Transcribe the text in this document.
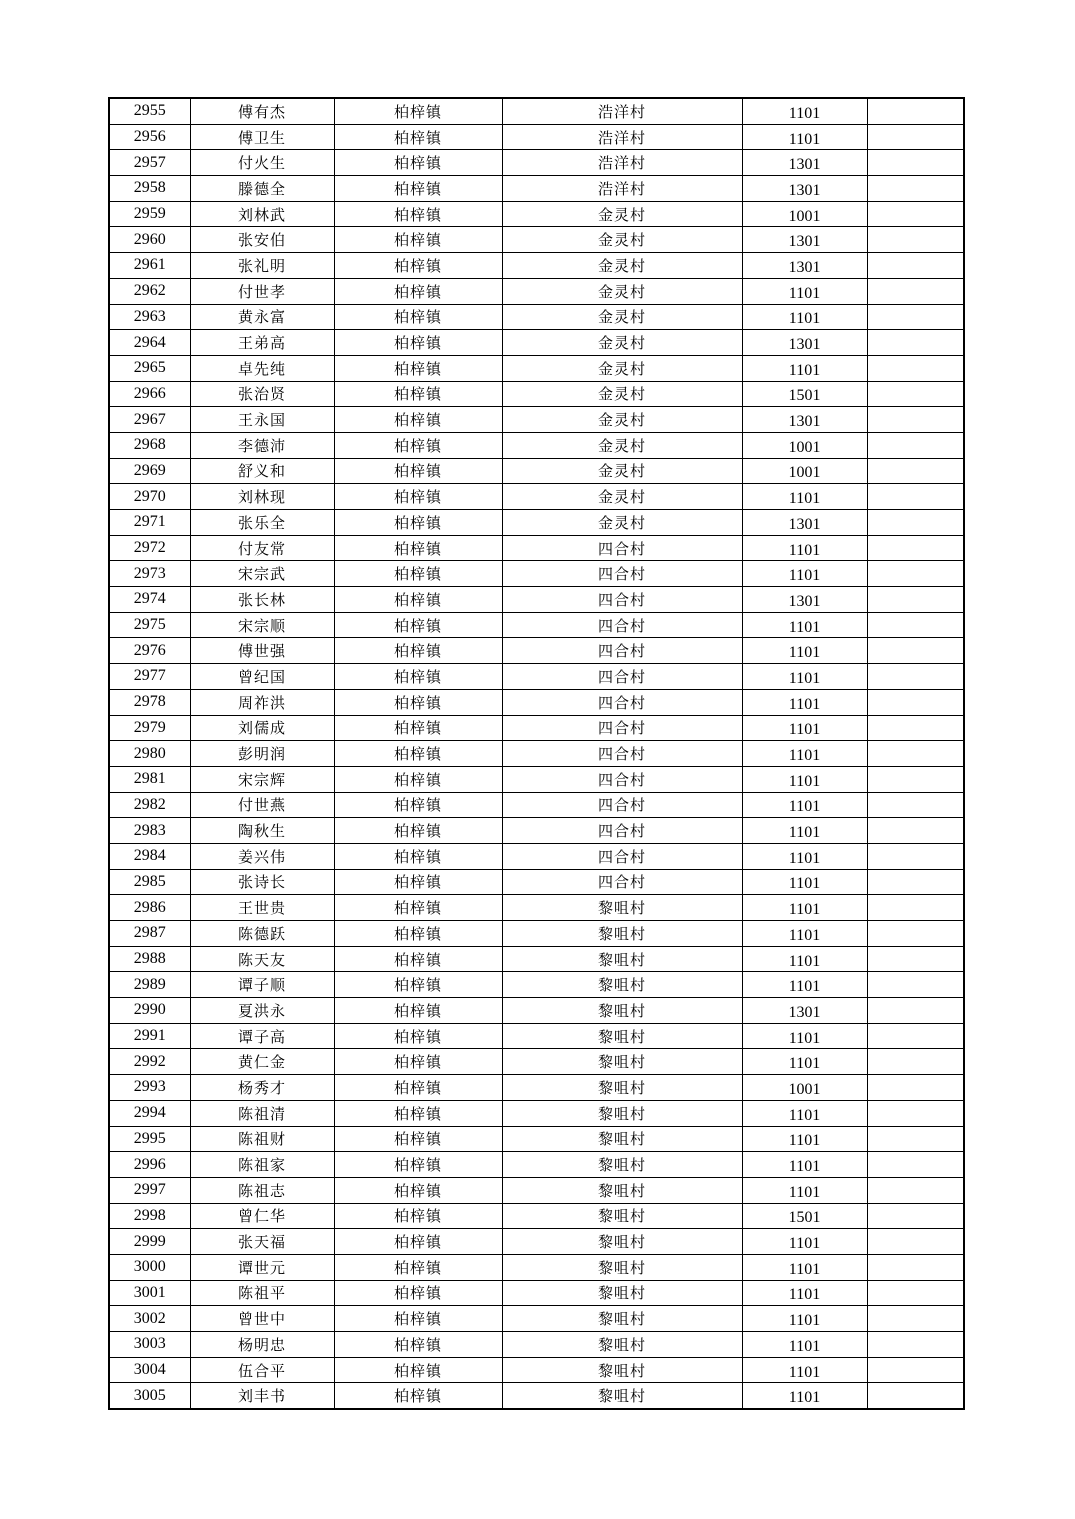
2955	傅有杰	柏梓镇	浩洋村	1101	
2956	傅卫生	柏梓镇	浩洋村	1101	
2957	付火生	柏梓镇	浩洋村	1301	
2958	滕德全	柏梓镇	浩洋村	1301	
2959	刘林武	柏梓镇	金灵村	1001	
2960	张安伯	柏梓镇	金灵村	1301	
2961	张礼明	柏梓镇	金灵村	1301	
2962	付世孝	柏梓镇	金灵村	1101	
2963	黄永富	柏梓镇	金灵村	1101	
2964	王弟高	柏梓镇	金灵村	1301	
2965	卓先纯	柏梓镇	金灵村	1101	
2966	张治贤	柏梓镇	金灵村	1501	
2967	王永国	柏梓镇	金灵村	1301	
2968	李德沛	柏梓镇	金灵村	1001	
2969	舒义和	柏梓镇	金灵村	1001	
2970	刘林现	柏梓镇	金灵村	1101	
2971	张乐全	柏梓镇	金灵村	1301	
2972	付友常	柏梓镇	四合村	1101	
2973	宋宗武	柏梓镇	四合村	1101	
2974	张长林	柏梓镇	四合村	1301	
2975	宋宗顺	柏梓镇	四合村	1101	
2976	傅世强	柏梓镇	四合村	1101	
2977	曾纪国	柏梓镇	四合村	1101	
2978	周祚洪	柏梓镇	四合村	1101	
2979	刘儒成	柏梓镇	四合村	1101	
2980	彭明润	柏梓镇	四合村	1101	
2981	宋宗辉	柏梓镇	四合村	1101	
2982	付世燕	柏梓镇	四合村	1101	
2983	陶秋生	柏梓镇	四合村	1101	
2984	姜兴伟	柏梓镇	四合村	1101	
2985	张诗长	柏梓镇	四合村	1101	
2986	王世贵	柏梓镇	黎咀村	1101	
2987	陈德跃	柏梓镇	黎咀村	1101	
2988	陈天友	柏梓镇	黎咀村	1101	
2989	谭子顺	柏梓镇	黎咀村	1101	
2990	夏洪永	柏梓镇	黎咀村	1301	
2991	谭子高	柏梓镇	黎咀村	1101	
2992	黄仁金	柏梓镇	黎咀村	1101	
2993	杨秀才	柏梓镇	黎咀村	1001	
2994	陈祖清	柏梓镇	黎咀村	1101	
2995	陈祖财	柏梓镇	黎咀村	1101	
2996	陈祖家	柏梓镇	黎咀村	1101	
2997	陈祖志	柏梓镇	黎咀村	1101	
2998	曾仁华	柏梓镇	黎咀村	1501	
2999	张天福	柏梓镇	黎咀村	1101	
3000	谭世元	柏梓镇	黎咀村	1101	
3001	陈祖平	柏梓镇	黎咀村	1101	
3002	曾世中	柏梓镇	黎咀村	1101	
3003	杨明忠	柏梓镇	黎咀村	1101	
3004	伍合平	柏梓镇	黎咀村	1101	
3005	刘丰书	柏梓镇	黎咀村	1101	
